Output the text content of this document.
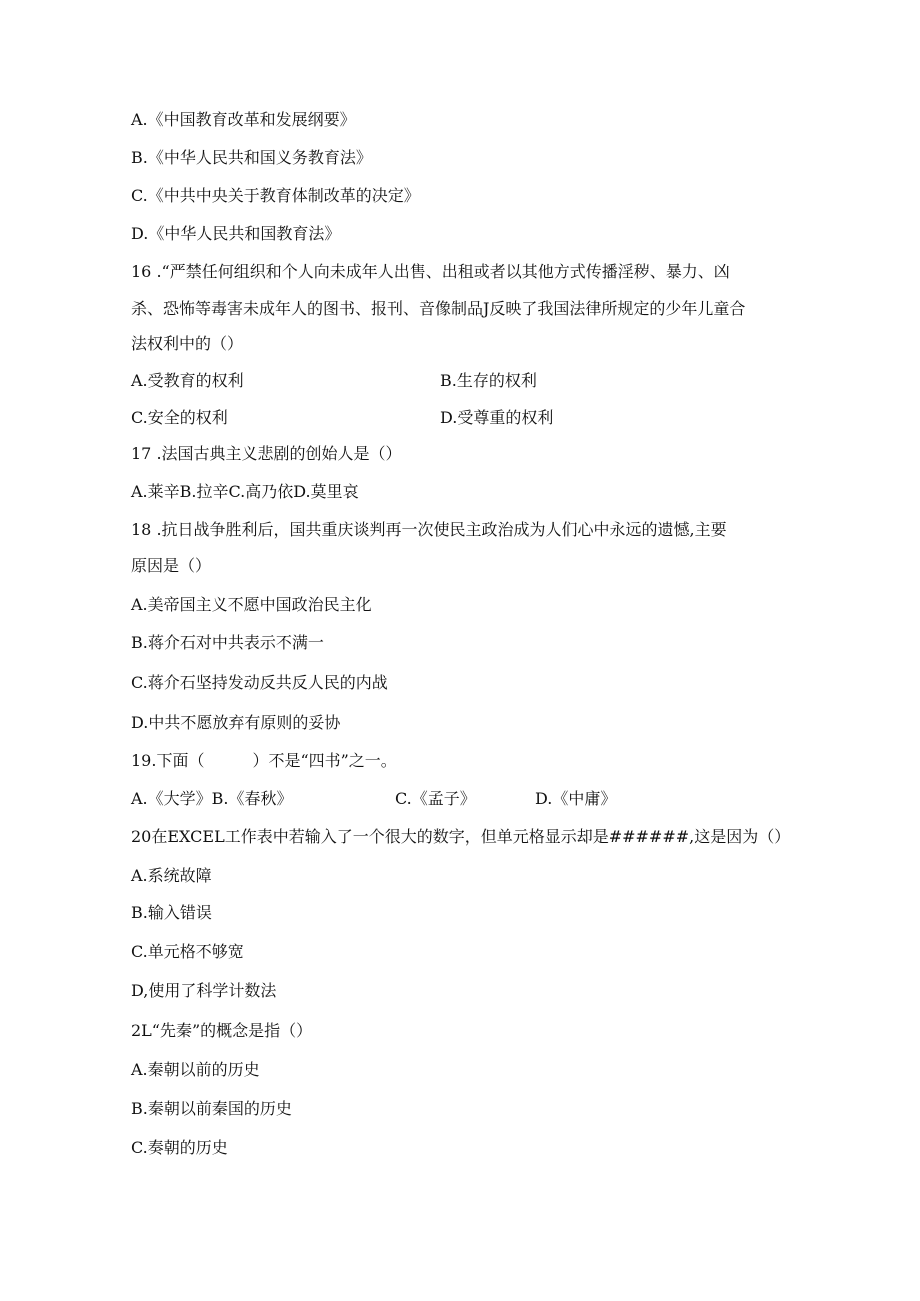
A.《中国教育改革和发展纲要》
B.《中华人民共和国义务教育法》
C.《中共中央关于教育体制改革的决定》
D.《中华人民共和国教育法》
16 .“严禁任何组织和个人向未成年人出售、出租或者以其他方式传播淫秽、暴力、凶
杀、恐怖等毒害未成年人的图书、报刊、音像制品J反映了我国法律所规定的少年儿童合
法权利中的（）
A.受教育的权利	B.生存的权利
C.安全的权利	D.受尊重的权利
17 .法国古典主义悲剧的创始人是（）
A.莱辛B.拉辛C.高乃依D.莫里哀
18 .抗日战争胜利后，国共重庆谈判再一次使民主政治成为人们心中永远的遗憾,主要
原因是（）
A.美帝国主义不愿中国政治民主化
B.蒋介石对中共表示不满一
C.蒋介石坚持发动反共反人民的内战
D.中共不愿放弃有原则的妥协
19.下面（　　　）不是“四书”之一。
A.《大学》B.《春秋》	C.《孟子》	D.《中庸》
20在EXCEL工作表中若输入了一个很大的数字，但单元格显示却是######,这是因为（）
A.系统故障
B.输入错误
C.单元格不够宽
D,使用了科学计数法
2L“先秦”的概念是指（）
A.秦朝以前的历史
B.秦朝以前秦国的历史
C.奏朝的历史
